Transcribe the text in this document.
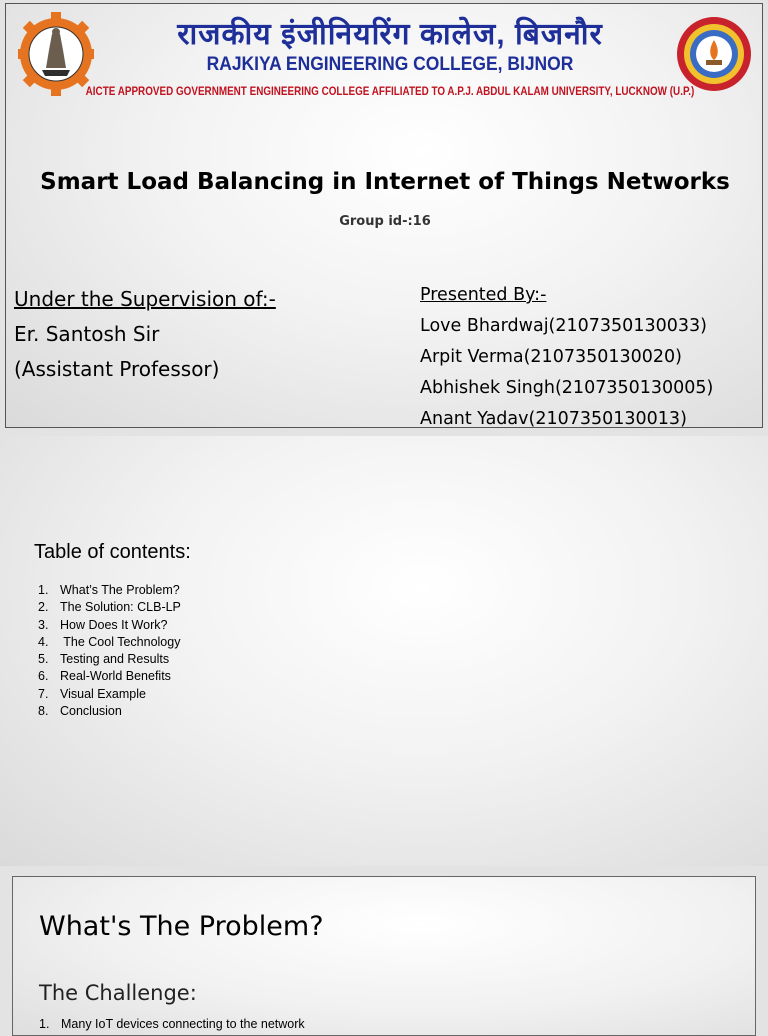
राजकीय इंजीनियरिंग कालेज, बिजनौर
RAJKIYA ENGINEERING COLLEGE, BIJNOR
AICTE APPROVED GOVERNMENT ENGINEERING COLLEGE AFFILIATED TO A.P.J. ABDUL KALAM UNIVERSITY, LUCKNOW (U.P.)
Smart Load Balancing in Internet of Things Networks
Group id-:16
Under the Supervision of:-
Er. Santosh Sir
(Assistant Professor)
Presented By:-
Love Bhardwaj(2107350130033)
Arpit Verma(2107350130020)
Abhishek Singh(2107350130005)
Anant Yadav(2107350130013)
Table of contents:
1. What’s The Problem?
2. The Solution: CLB-LP
3. How Does It Work?
4. The Cool Technology
5. Testing and Results
6. Real-World Benefits
7. Visual Example
8. Conclusion
What's The Problem?
The Challenge:
1. Many IoT devices connecting to the network
